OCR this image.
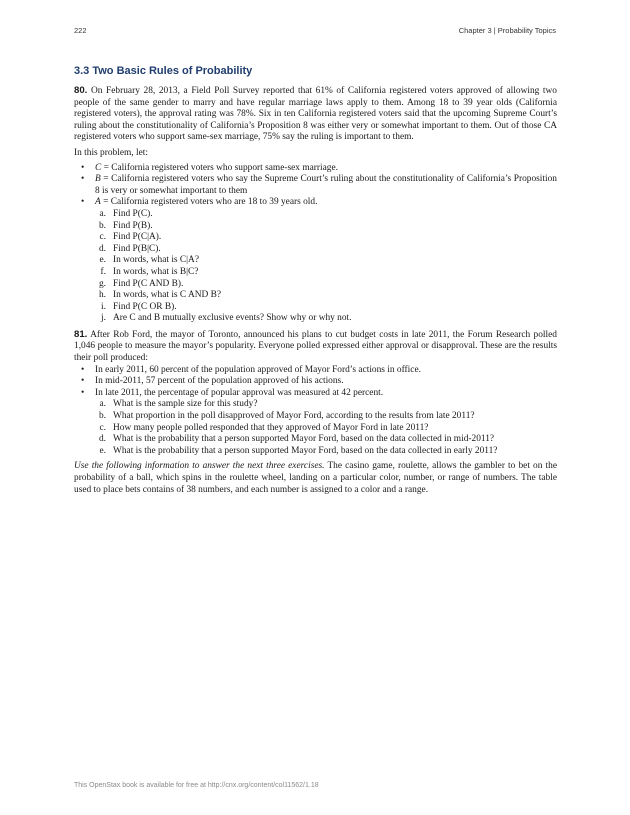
222	Chapter 3 | Probability Topics
3.3 Two Basic Rules of Probability

80. On February 28, 2013, a Field Poll Survey reported that 61% of California registered voters approved of allowing two people of the same gender to marry and have regular marriage laws apply to them. Among 18 to 39 year olds (California registered voters), the approval rating was 78%. Six in ten California registered voters said that the upcoming Supreme Court’s ruling about the constitutionality of California’s Proposition 8 was either very or somewhat important to them. Out of those CA registered voters who support same-sex marriage, 75% say the ruling is important to them.

In this problem, let:

• C = California registered voters who support same-sex marriage.
• B = California registered voters who say the Supreme Court’s ruling about the constitutionality of California’s Proposition 8 is very or somewhat important to them
• A = California registered voters who are 18 to 39 years old.
a. Find P(C).
b. Find P(B).
c. Find P(C|A).
d. Find P(B|C).
e. In words, what is C|A?
f. In words, what is B|C?
g. Find P(C AND B).
h. In words, what is C AND B?
i. Find P(C OR B).
j. Are C and B mutually exclusive events? Show why or why not.

81. After Rob Ford, the mayor of Toronto, announced his plans to cut budget costs in late 2011, the Forum Research polled 1,046 people to measure the mayor’s popularity. Everyone polled expressed either approval or disapproval. These are the results their poll produced:

• In early 2011, 60 percent of the population approved of Mayor Ford’s actions in office.
• In mid-2011, 57 percent of the population approved of his actions.
• In late 2011, the percentage of popular approval was measured at 42 percent.
a. What is the sample size for this study?
b. What proportion in the poll disapproved of Mayor Ford, according to the results from late 2011?
c. How many people polled responded that they approved of Mayor Ford in late 2011?
d. What is the probability that a person supported Mayor Ford, based on the data collected in mid-2011?
e. What is the probability that a person supported Mayor Ford, based on the data collected in early 2011?

Use the following information to answer the next three exercises. The casino game, roulette, allows the gambler to bet on the probability of a ball, which spins in the roulette wheel, landing on a particular color, number, or range of numbers. The table used to place bets contains of 38 numbers, and each number is assigned to a color and a range.

This OpenStax book is available for free at http://cnx.org/content/col11562/1.18
